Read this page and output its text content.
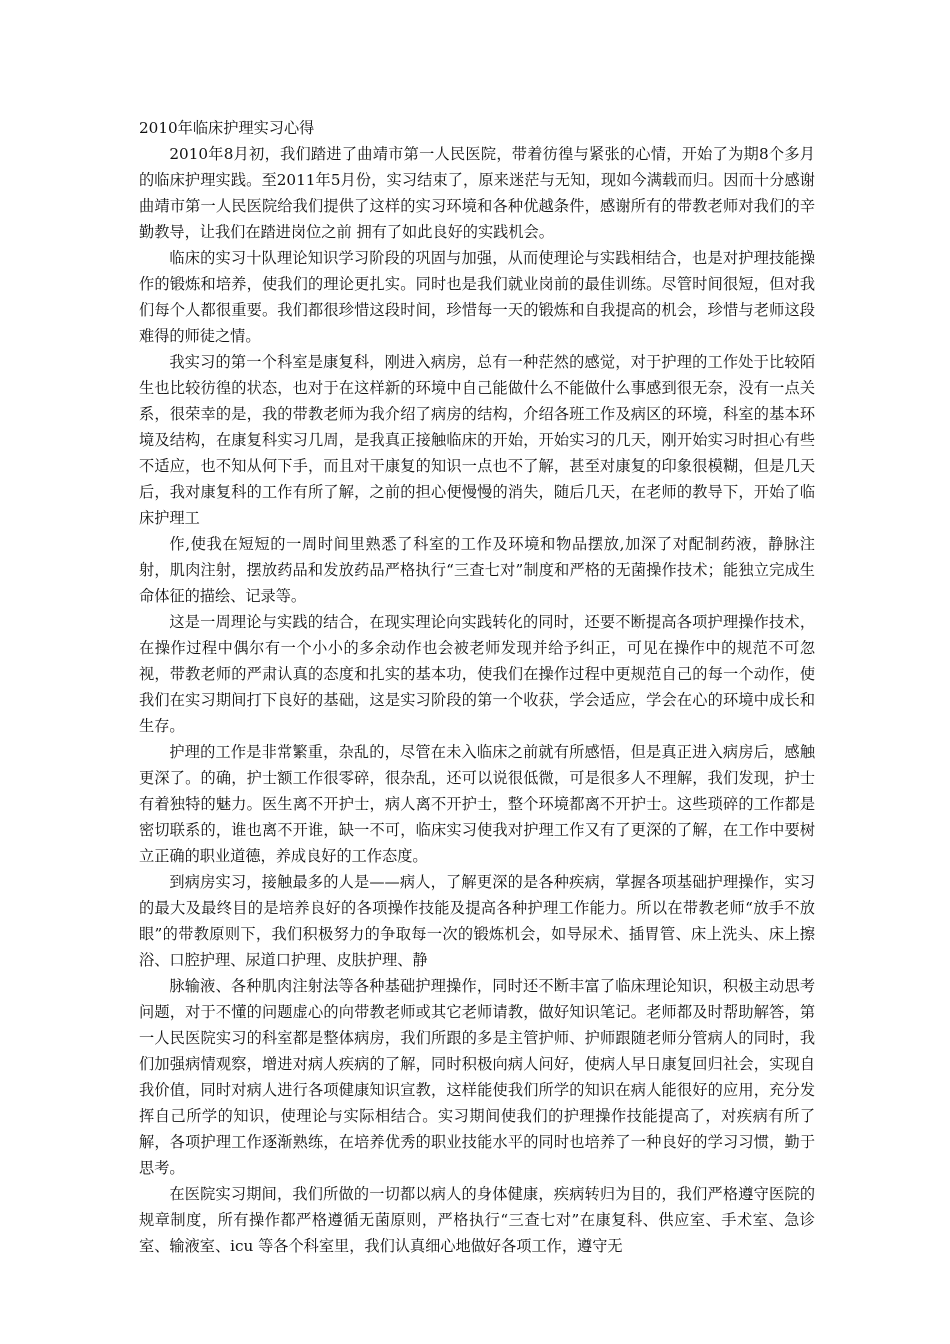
2010年临床护理实习心得

2010年8月初，我们踏进了曲靖市第一人民医院，带着彷徨与紧张的心情，开始了为期8个多月的临床护理实践。至2011年5月份，实习结束了，原来迷茫与无知，现如今满载而归。因而十分感谢曲靖市第一人民医院给我们提供了这样的实习环境和各种优越条件，感谢所有的带教老师对我们的辛勤教导，让我们在踏进岗位之前 拥有了如此良好的实践机会。

临床的实习十队理论知识学习阶段的巩固与加强，从而使理论与实践相结合，也是对护理技能操作的锻炼和培养，使我们的理论更扎实。同时也是我们就业岗前的最佳训练。尽管时间很短，但对我们每个人都很重要。我们都很珍惜这段时间，珍惜每一天的锻炼和自我提高的机会，珍惜与老师这段难得的师徒之情。

我实习的第一个科室是康复科，刚进入病房，总有一种茫然的感觉，对于护理的工作处于比较陌生也比较彷徨的状态，也对于在这样新的环境中自己能做什么不能做什么事感到很无奈，没有一点关系，很荣幸的是，我的带教老师为我介绍了病房的结构，介绍各班工作及病区的环境，科室的基本环境及结构，在康复科实习几周，是我真正接触临床的开始，开始实习的几天，刚开始实习时担心有些不适应，也不知从何下手，而且对干康复的知识一点也不了解，甚至对康复的印象很模糊，但是几天后，我对康复科的工作有所了解，之前的担心便慢慢的消失，随后几天，在老师的教导下，开始了临床护理工

作,使我在短短的一周时间里熟悉了科室的工作及环境和物品摆放,加深了对配制药液，静脉注射，肌肉注射，摆放药品和发放药品严格执行“三查七对”制度和严格的无菌操作技术；能独立完成生命体征的描绘、记录等。

这是一周理论与实践的结合，在现实理论向实践转化的同时，还要不断提高各项护理操作技术，在操作过程中偶尔有一个小小的多余动作也会被老师发现并给予纠正，可见在操作中的规范不可忽视，带教老师的严肃认真的态度和扎实的基本功，使我们在操作过程中更规范自己的每一个动作，使我们在实习期间打下良好的基础，这是实习阶段的第一个收获，学会适应，学会在心的环境中成长和生存。

护理的工作是非常繁重，杂乱的，尽管在未入临床之前就有所感悟，但是真正进入病房后，感触更深了。的确，护士额工作很零碎，很杂乱，还可以说很低微，可是很多人不理解，我们发现，护士有着独特的魅力。医生离不开护士，病人离不开护士，整个环境都离不开护士。这些琐碎的工作都是密切联系的，谁也离不开谁，缺一不可，临床实习使我对护理工作又有了更深的了解，在工作中要树立正确的职业道德，养成良好的工作态度。

到病房实习，接触最多的人是——病人，了解更深的是各种疾病，掌握各项基础护理操作，实习的最大及最终目的是培养良好的各项操作技能及提高各种护理工作能力。所以在带教老师“放手不放眼”的带教原则下，我们积极努力的争取每一次的锻炼机会，如导尿术、插胃管、床上洗头、床上擦浴、口腔护理、尿道口护理、皮肤护理、静

脉输液、各种肌肉注射法等各种基础护理操作，同时还不断丰富了临床理论知识，积极主动思考问题，对于不懂的问题虚心的向带教老师或其它老师请教，做好知识笔记。老师都及时帮助解答，第一人民医院实习的科室都是整体病房，我们所跟的多是主管护师、护师跟随老师分管病人的同时，我们加强病情观察，增进对病人疾病的了解，同时积极向病人问好，使病人早日康复回归社会，实现自我价值，同时对病人进行各项健康知识宣教，这样能使我们所学的知识在病人能很好的应用，充分发挥自己所学的知识，使理论与实际相结合。实习期间使我们的护理操作技能提高了，对疾病有所了解，各项护理工作逐渐熟练，在培养优秀的职业技能水平的同时也培养了一种良好的学习习惯，勤于思考。

在医院实习期间，我们所做的一切都以病人的身体健康，疾病转归为目的，我们严格遵守医院的规章制度，所有操作都严格遵循无菌原则，严格执行“三查七对”在康复科、供应室、手术室、急诊室、输液室、icu 等各个科室里，我们认真细心地做好各项工作，遵守无
